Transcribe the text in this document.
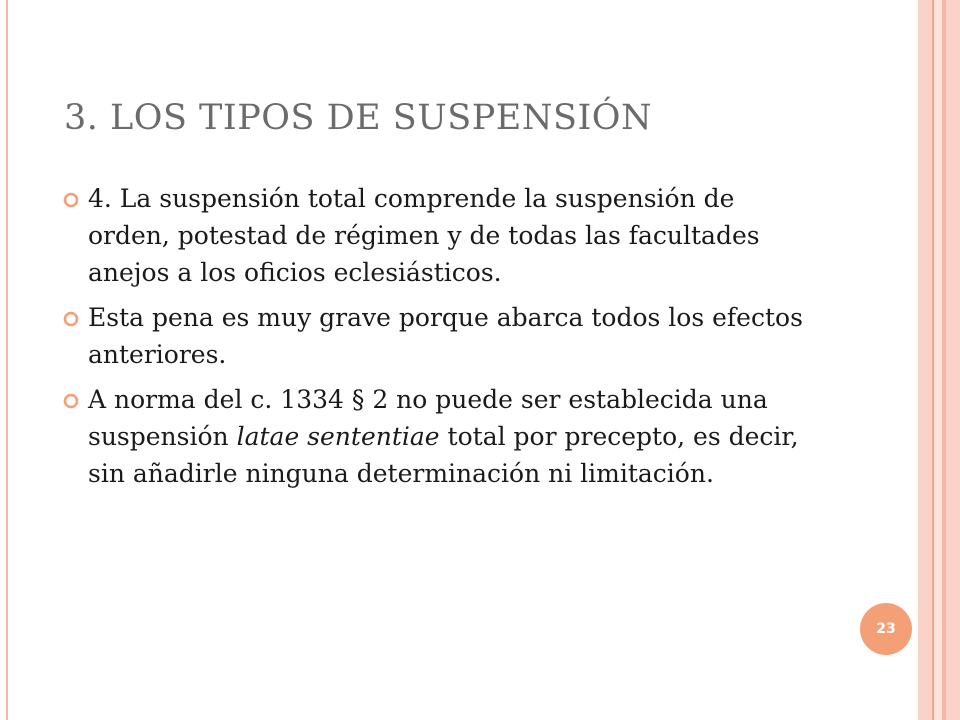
3. LOS TIPOS DE SUSPENSIÓN
4. La suspensión total comprende la suspensión de orden, potestad de régimen y de todas las facultades anejos a los oficios eclesiásticos.
Esta pena es muy grave porque abarca todos los efectos anteriores.
A norma del c. 1334 § 2 no puede ser establecida una suspensión latae sententiae total por precepto, es decir, sin añadirle ninguna determinación ni limitación.
23
